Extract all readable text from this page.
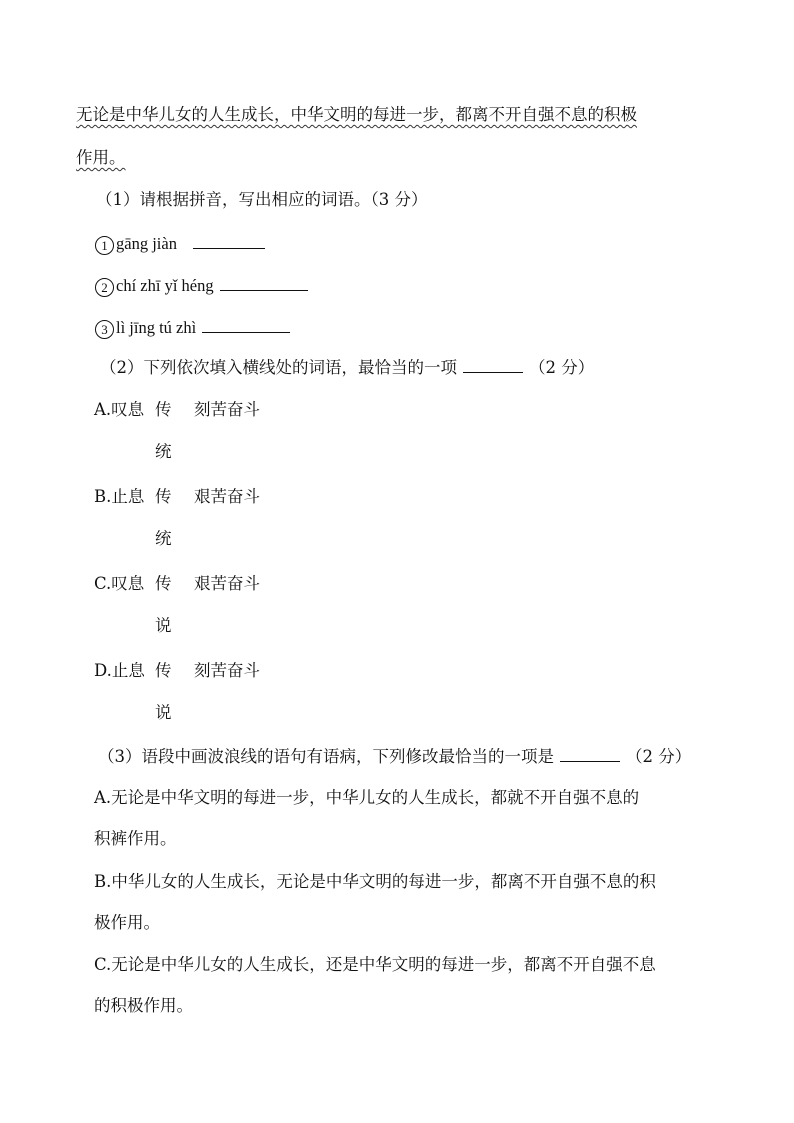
无论是中华儿女的人生成长，中华文明的每进一步，都离不开自强不息的积极
作用。
（1）请根据拼音，写出相应的词语。（3 分）
1 gāng jiàn
2 chí zhī yǐ héng
3 lì jīng tú zhì
（2）下列依次填入横线处的词语，最恰当的一项	（2 分）
A.叹息 传 刻苦奋斗
统
B.止息 传 艰苦奋斗
统
C.叹息 传 艰苦奋斗
说
D.止息 传 刻苦奋斗
说
（3）语段中画波浪线的语句有语病，下列修改最恰当的一项是	（2 分）
A.无论是中华文明的每进一步，中华儿女的人生成长，都就不开自强不息的
积裤作用。
B.中华儿女的人生成长，无论是中华文明的每进一步，都离不开自强不息的积
极作用。
C.无论是中华儿女的人生成长，还是中华文明的每进一步，都离不开自强不息
的积极作用。
